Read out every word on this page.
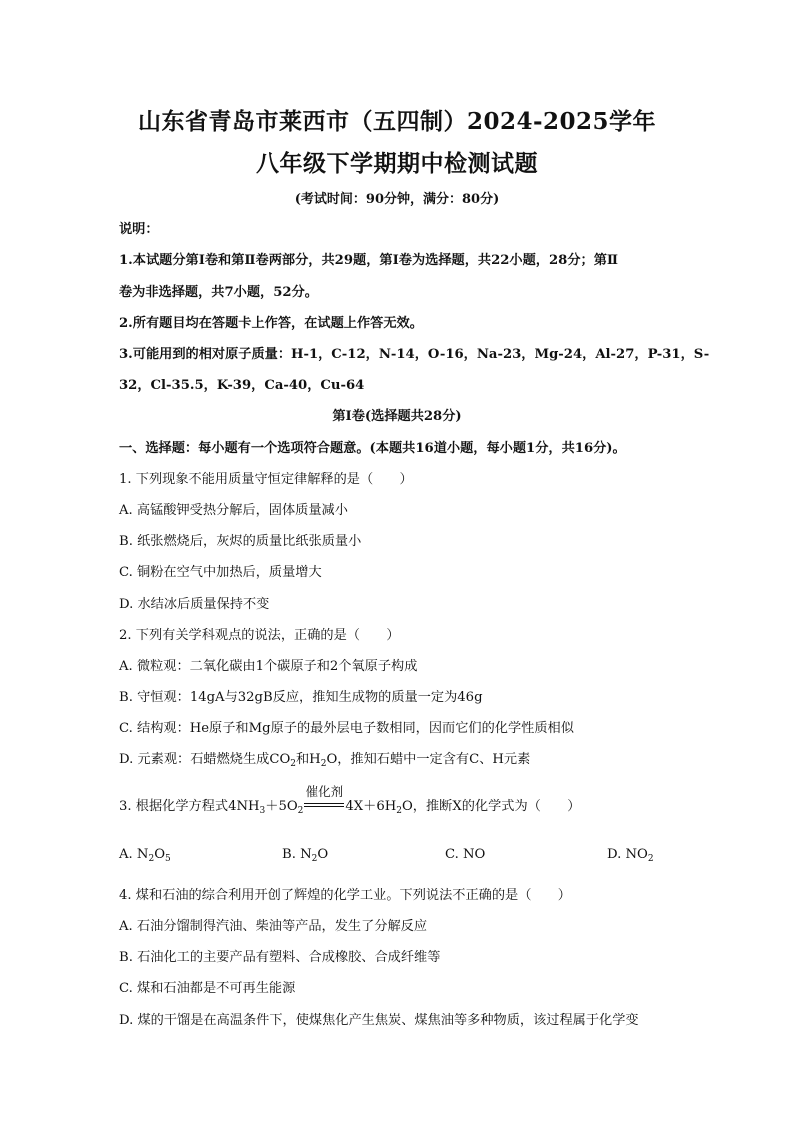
山东省青岛市莱西市（五四制）2024-2025学年
八年级下学期期中检测试题
(考试时间：90分钟，满分：80分)
说明：
1.本试题分第Ⅰ卷和第Ⅱ卷两部分，共29题，第Ⅰ卷为选择题，共22小题，28分；第Ⅱ
卷为非选择题，共7小题，52分。
2.所有题目均在答题卡上作答，在试题上作答无效。
3.可能用到的相对原子质量：H-1，C-12，N-14，O-16，Na-23，Mg-24，Al-27，P-31，S-
32，Cl-35.5，K-39，Ca-40，Cu-64
第Ⅰ卷(选择题共28分)
一、选择题：每小题有一个选项符合题意。(本题共16道小题，每小题1分，共16分)。
1. 下列现象不能用质量守恒定律解释的是（　　）
A. 高锰酸钾受热分解后，固体质量减小
B. 纸张燃烧后，灰烬的质量比纸张质量小
C. 铜粉在空气中加热后，质量增大
D. 水结冰后质量保持不变
2. 下列有关学科观点的说法，正确的是（　　）
A. 微粒观：二氧化碳由1个碳原子和2个氧原子构成
B. 守恒观：14gA与32gB反应，推知生成物的质量一定为46g
C. 结构观：He原子和Mg原子的最外层电子数相同，因而它们的化学性质相似
D. 元素观：石蜡燃烧生成$CO_2$和$H_2O$，推知石蜡中一定含有C、H元素
3. 根据化学方程式$4NH_3+5O_2$
催化剂
$4X+6H_2O$，推断X的化学式为（　　）
A. $N_2O_5$	B. $N_2O$	C. NO	D. $NO_2$
4. 煤和石油的综合利用开创了辉煌的化学工业。下列说法不正确的是（　　）
A. 石油分馏制得汽油、柴油等产品，发生了分解反应
B. 石油化工的主要产品有塑料、合成橡胶、合成纤维等
C. 煤和石油都是不可再生能源
D. 煤的干馏是在高温条件下，使煤焦化产生焦炭、煤焦油等多种物质，该过程属于化学变
